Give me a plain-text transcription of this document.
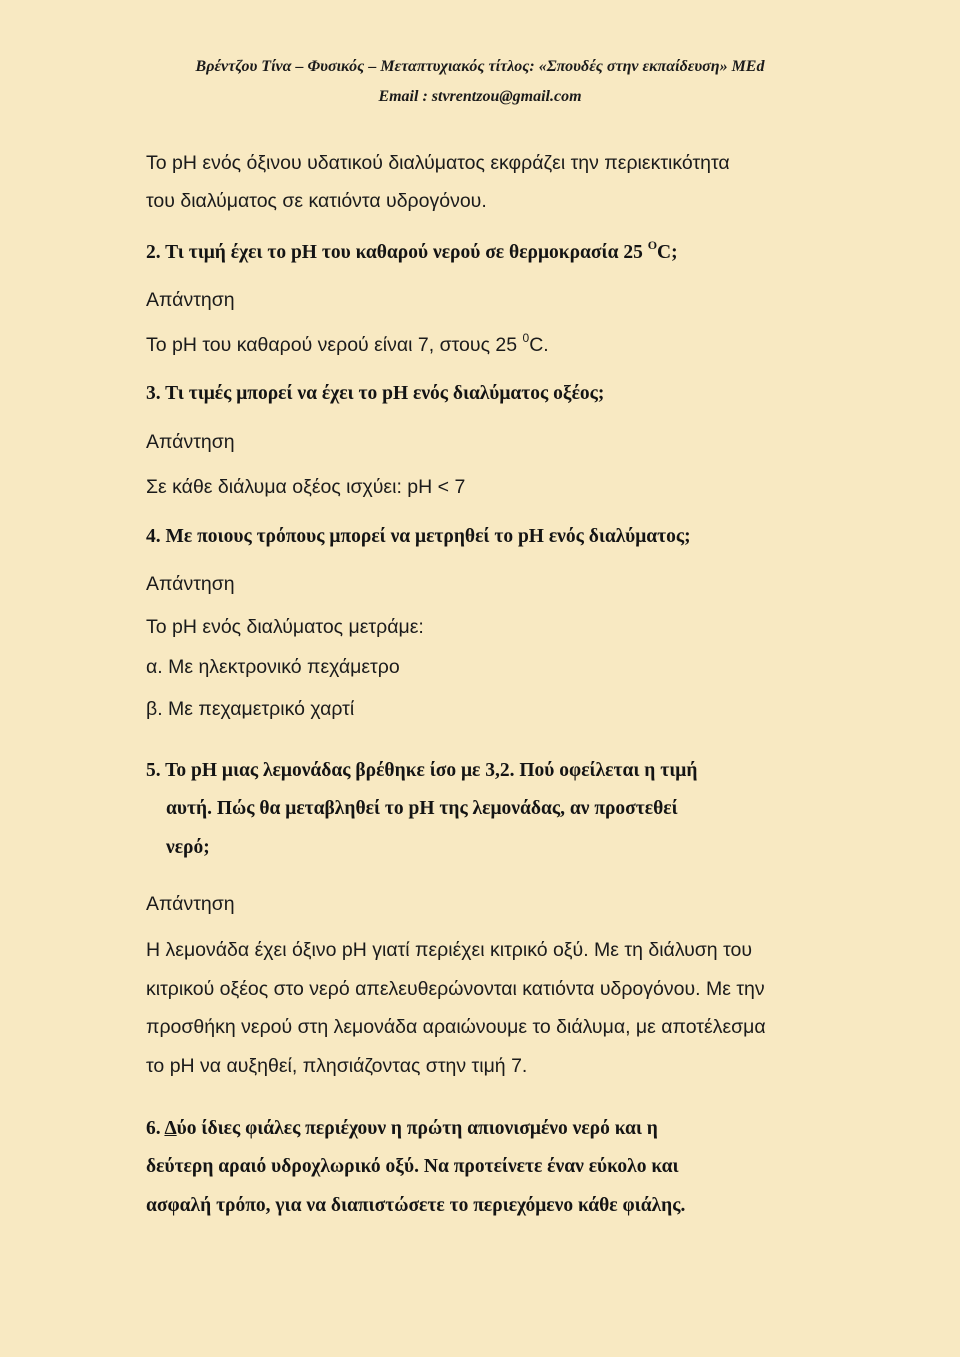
Βρέντζου Τίνα – Φυσικός – Μεταπτυχιακός τίτλος: «Σπουδές στην εκπαίδευση» MEd
Email : stvrentzou@gmail.com
Το pH ενός όξινου υδατικού διαλύματος εκφράζει την περιεκτικότητα
του διαλύματος σε κατιόντα υδρογόνου.
2. Τι τιμή έχει το pH του καθαρού νερού σε θερμοκρασία 25 $^O$C;
Απάντηση
Το pH του καθαρού νερού είναι 7, στους 25 $^0$C.
3. Τι τιμές μπορεί να έχει το pH ενός διαλύματος οξέος;
Απάντηση
Σε κάθε διάλυμα οξέος ισχύει: pH < 7
4. Με ποιους τρόπους μπορεί να μετρηθεί το pH ενός διαλύματος;
Απάντηση
Το pH ενός διαλύματος μετράμε:
α. Με ηλεκτρονικό πεχάμετρο
β. Με πεχαμετρικό χαρτί
5. Το pH μιας λεμονάδας βρέθηκε ίσο με 3,2. Πού οφείλεται η τιμή
αυτή. Πώς θα μεταβληθεί το pH της λεμονάδας, αν προστεθεί
νερό;
Απάντηση
Η λεμονάδα έχει όξινο pH γιατί περιέχει κιτρικό οξύ. Με τη διάλυση του
κιτρικού οξέος στο νερό απελευθερώνονται κατιόντα υδρογόνου. Με την
προσθήκη νερού στη λεμονάδα αραιώνουμε το διάλυμα, με αποτέλεσμα
το pH να αυξηθεί, πλησιάζοντας στην τιμή 7.
6. Δύο ίδιες φιάλες περιέχουν η πρώτη απιονισμένο νερό και η
δεύτερη αραιό υδροχλωρικό οξύ. Να προτείνετε έναν εύκολο και
ασφαλή τρόπο, για να διαπιστώσετε το περιεχόμενο κάθε φιάλης.
